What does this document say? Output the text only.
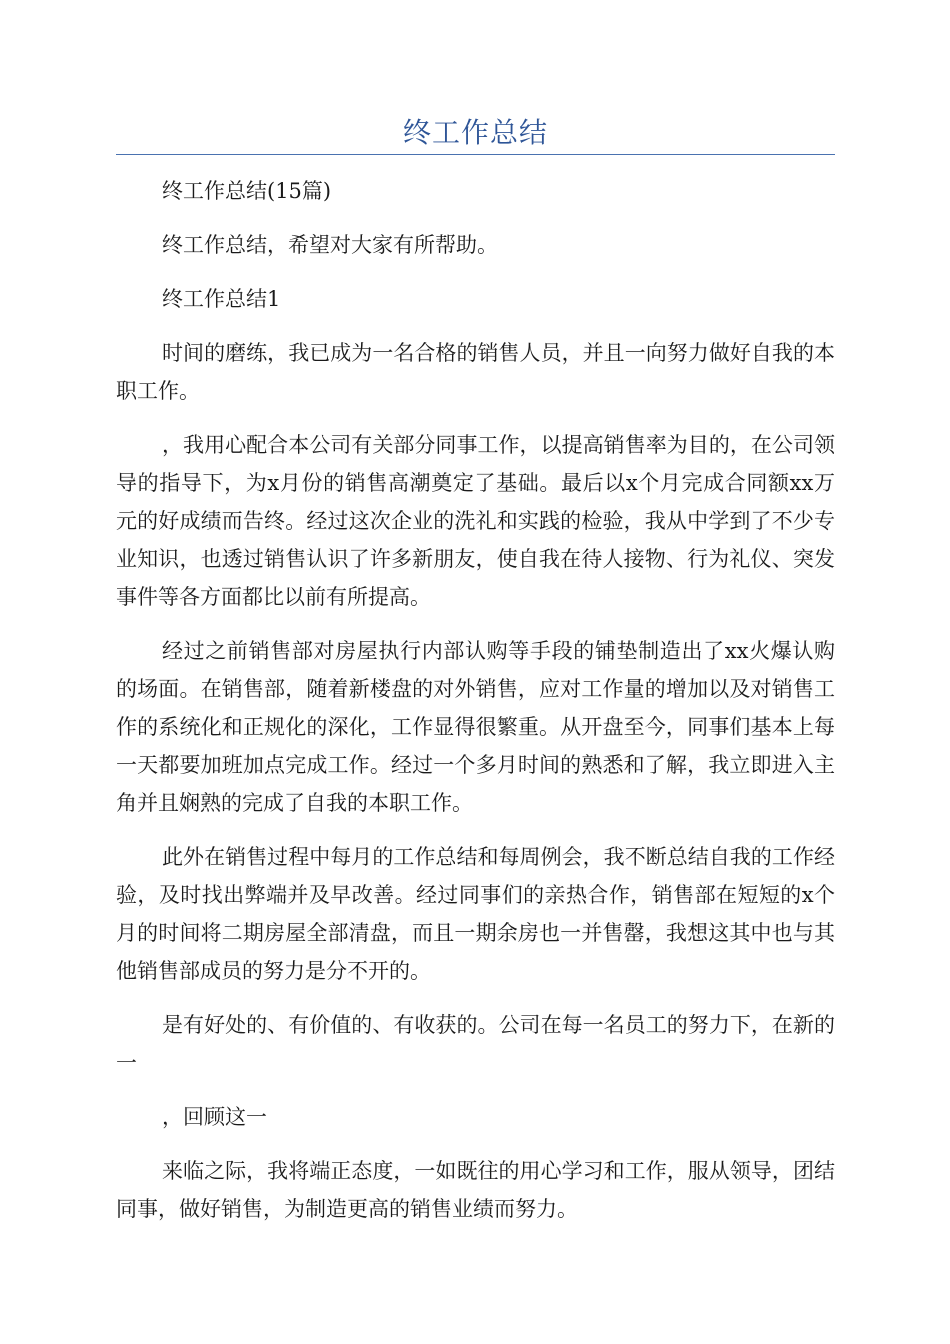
终工作总结

终工作总结(15篇)

终工作总结，希望对大家有所帮助。

终工作总结1

时间的磨练，我已成为一名合格的销售人员，并且一向努力做好自我的本职工作。

，我用心配合本公司有关部分同事工作，以提高销售率为目的，在公司领导的指导下，为x月份的销售高潮奠定了基础。最后以x个月完成合同额xx万元的好成绩而告终。经过这次企业的洗礼和实践的检验，我从中学到了不少专业知识，也透过销售认识了许多新朋友，使自我在待人接物、行为礼仪、突发事件等各方面都比以前有所提高。

经过之前销售部对房屋执行内部认购等手段的铺垫制造出了xx火爆认购的场面。在销售部，随着新楼盘的对外销售，应对工作量的增加以及对销售工作的系统化和正规化的深化，工作显得很繁重。从开盘至今，同事们基本上每一天都要加班加点完成工作。经过一个多月时间的熟悉和了解，我立即进入主角并且娴熟的完成了自我的本职工作。

此外在销售过程中每月的工作总结和每周例会，我不断总结自我的工作经验，及时找出弊端并及早改善。经过同事们的亲热合作，销售部在短短的x个月的时间将二期房屋全部清盘，而且一期余房也一并售罄，我想这其中也与其他销售部成员的努力是分不开的。

是有好处的、有价值的、有收获的。公司在每一名员工的努力下，在新的一

，回顾这一

来临之际，我将端正态度，一如既往的用心学习和工作，服从领导，团结同事，做好销售，为制造更高的销售业绩而努力。
